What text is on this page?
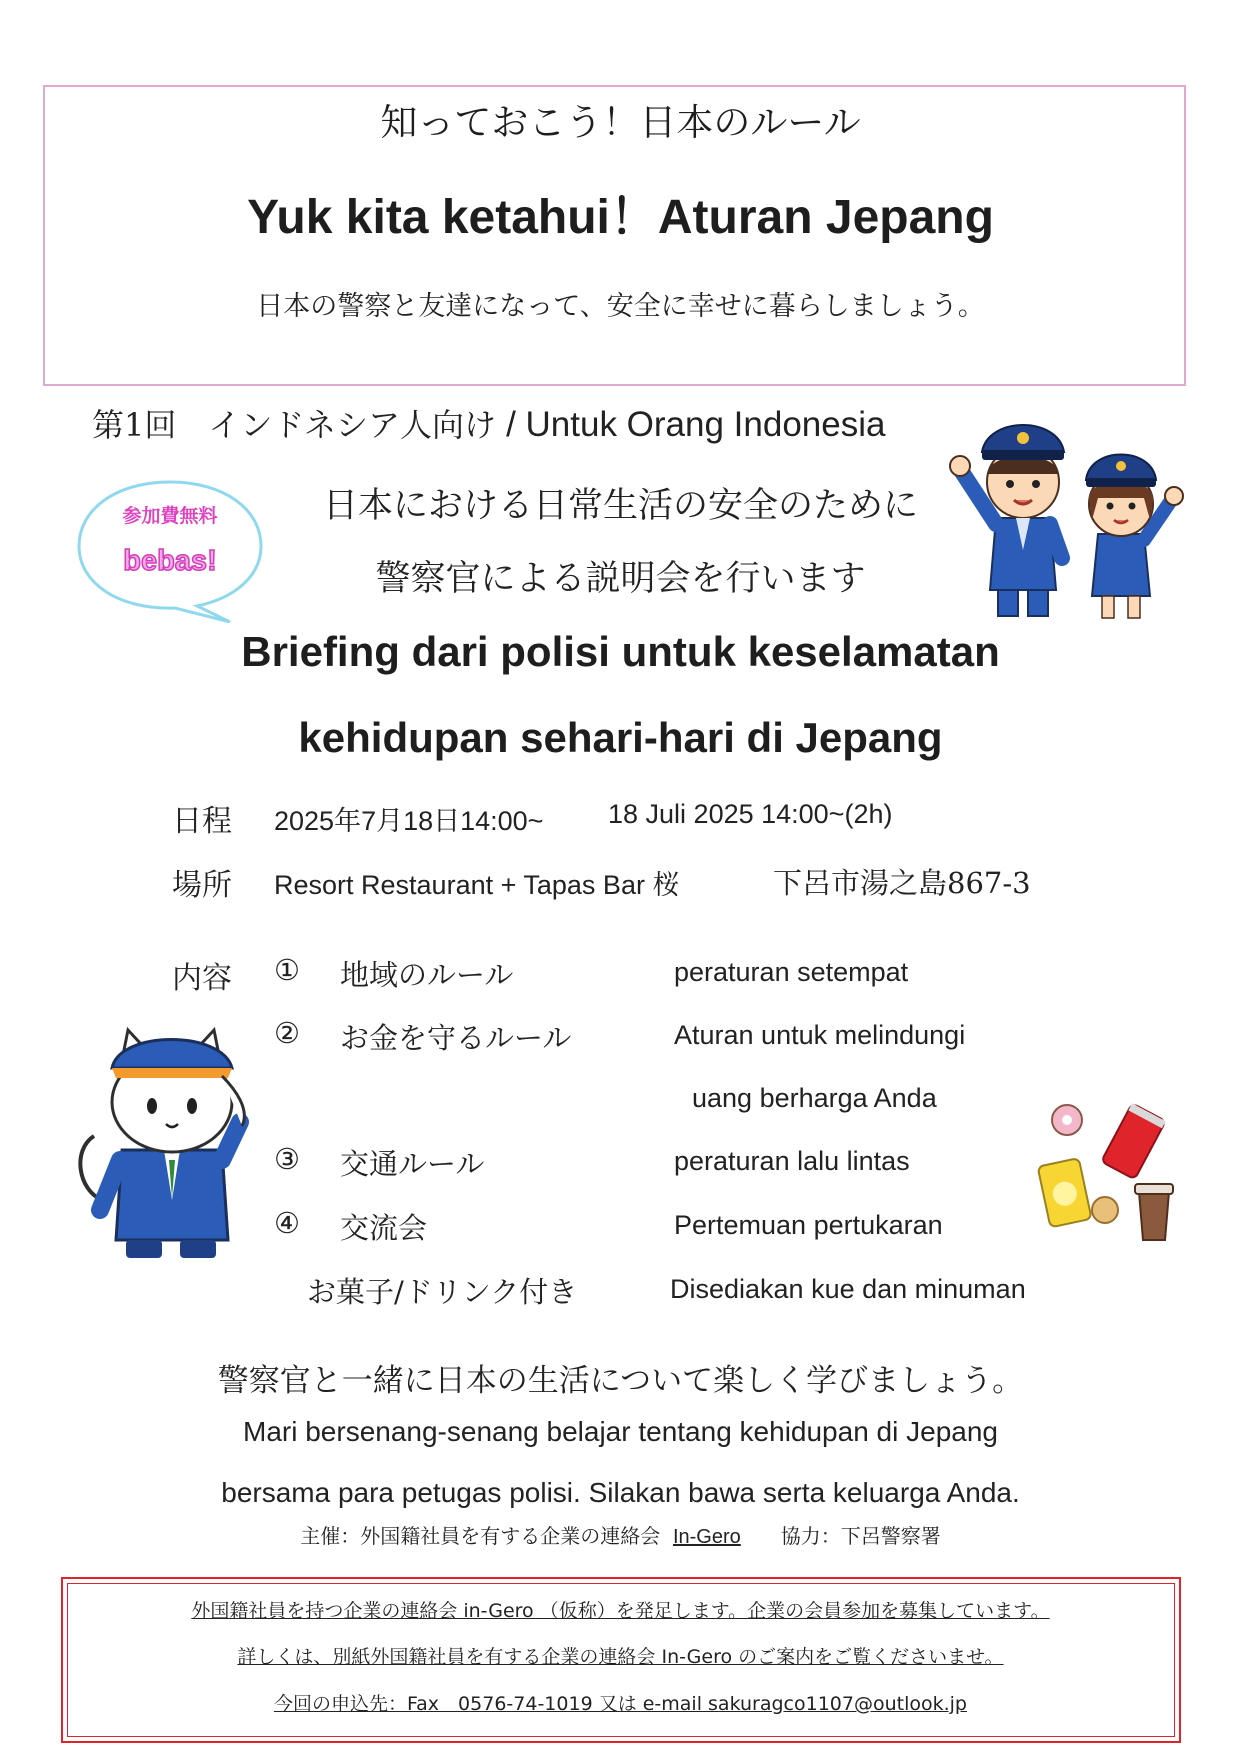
知っておこう！日本のルール
Yuk kita ketahui！Aturan Jepang
日本の警察と友達になって、安全に幸せに暮らしましょう。
第1回 インドネシア人向け / Untuk Orang Indonesia
参加費無料
bebas!
日本における日常生活の安全のために
警察官による説明会を行います
Briefing dari polisi untuk keselamatan
kehidupan sehari-hari di Jepang
日程 2025年7月18日14:00~ 18 Juli 2025 14:00~(2h)
場所 Resort Restaurant + Tapas Bar 桜	下呂市湯之島867-3
内容 ① 地域のルール	peraturan setempat
② お金を守るルール	Aturan untuk melindungi
uang berharga Anda
③ 交通ルール	peraturan lalu lintas
④ 交流会	Pertemuan pertukaran
お菓子/ドリンク付き	Disediakan kue dan minuman
警察官と一緒に日本の生活について楽しく学びましょう。
Mari bersenang-senang belajar tentang kehidupan di Jepang
bersama para petugas polisi. Silakan bawa serta keluarga Anda.
主催：外国籍社員を有する企業の連絡会 In-Gero 協力：下呂警察署
外国籍社員を持つ企業の連絡会 in-Gero （仮称）を発足します。企業の会員参加を募集しています。
詳しくは、別紙外国籍社員を有する企業の連絡会 In-Gero のご案内をご覧くださいませ。
今回の申込先：Fax　0576-74-1019 又は e-mail sakuragco1107@outlook.jp
